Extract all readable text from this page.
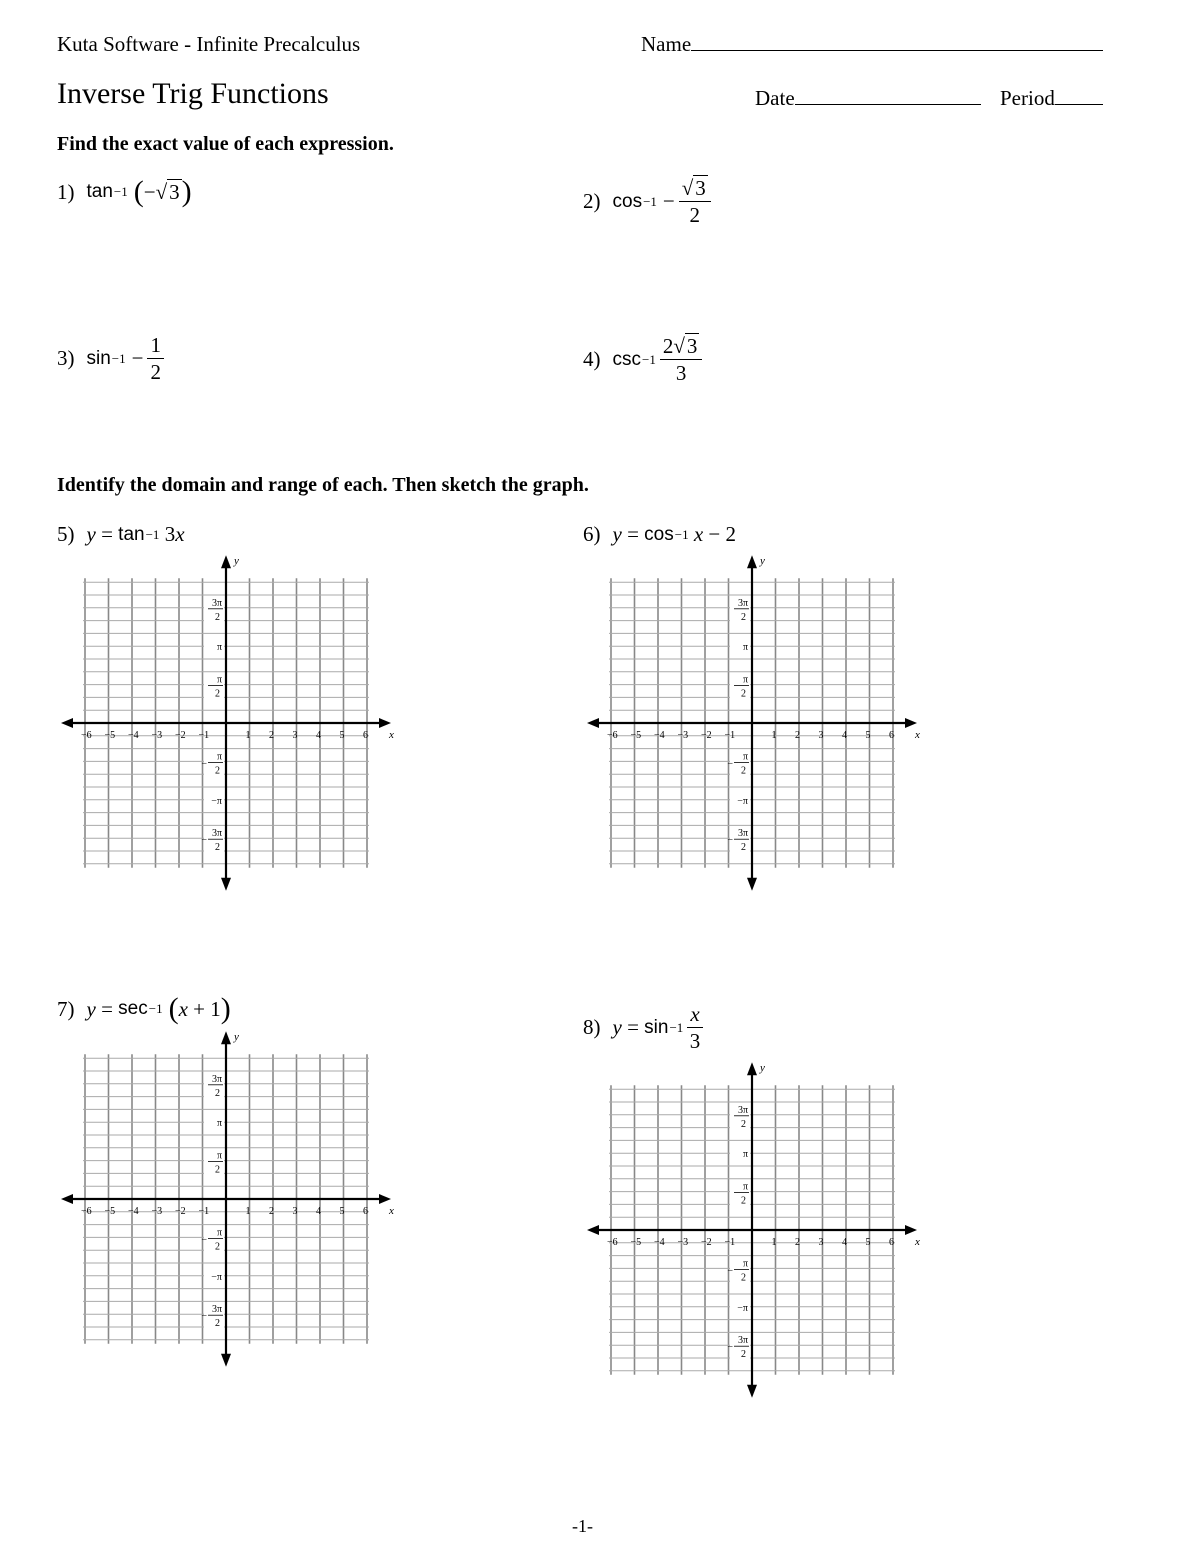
Kuta Software - Infinite Precalculus	Name
Inverse Trig Functions	Date	Period
Find the exact value of each expression.
1) tan −1 ( − √ 3 )	2) $\cos -1 - \frac{√3}{2}$
3) $\sin -1 - \frac{1}{2}$	4) $\csc -1 \frac{2√3}{3}$
Identify the domain and range of each. Then sketch the graph.
5) y
=
tan −1
3 x	6) y
=
cos −1
x
− 2
7) y
=
sec −1 ( x
+ 1 )
8) y
=
$\sin -1 \frac{x}{3}$
x
y
−6 −5 −4 −3 −2 −1	1 2 3 4 5 6
3π
2
π
π
2
π
2
−
−π
3π
2
−
x
y
−6 −5 −4 −3 −2 −1	1 2 3 4 5 6
3π
2
π
π
2
π
2
−
−π
3π
2
−
x
y
−6 −5 −4 −3 −2 −1	1 2 3 4 5 6
3π
2
π
π
2
π
2
−
−π
3π
2
−
x
y
−6 −5 −4 −3 −2 −1	1 2 3 4 5 6
3π
2
π
π
2
π
2
−
−π
3π
2
−
-1-
